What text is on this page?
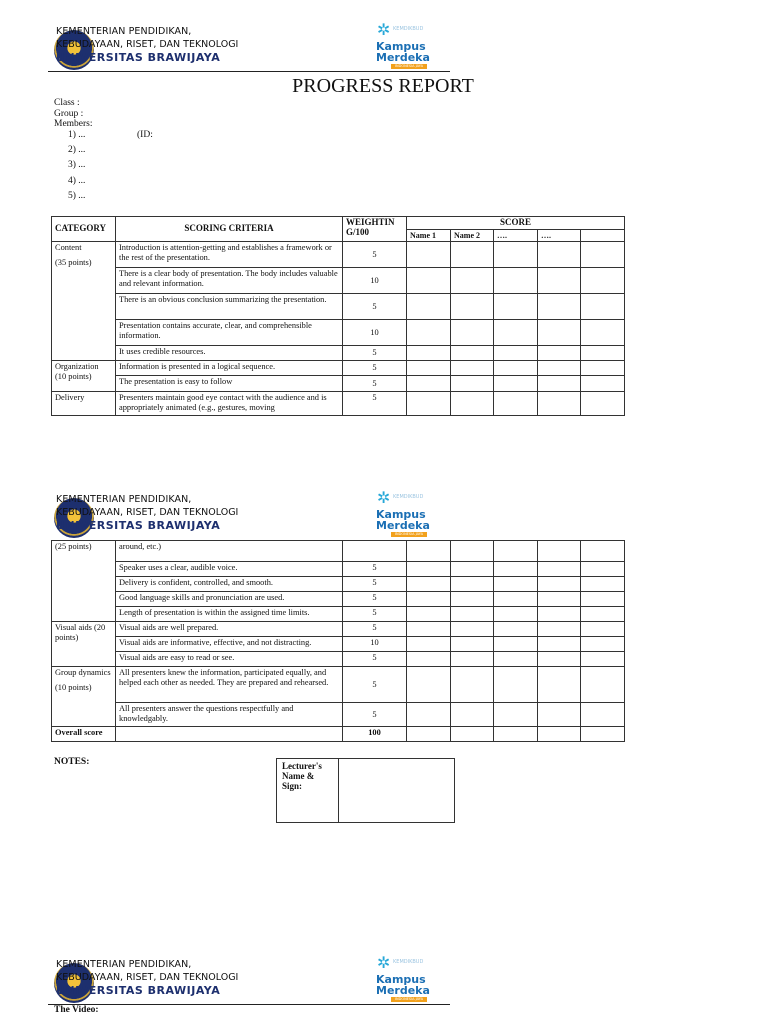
KEMENTERIAN PENDIDIKAN,
KEBUDAYAAN, RISET, DAN TEKNOLOGI
UNIVERSITAS BRAWIJAYA
✲ KEMDIKBUD
Kampus
Merdeka
INDONESIA JAYA
PROGRESS REPORT
Class :
Group :
Members:
1) ...	(ID:
2) ...
3) ...
4) ...
5) ...
CATEGORY	SCORING CRITERIA	WEIGHTIN G/100	SCORE				
			Name 1	Name 2	….	….	

Content

(35 points)	Introduction is attention-getting and establishes a framework or the rest of the presentation.	5					
	There is a clear body of presentation. The body includes valuable and relevant information.	10					
	There is an obvious conclusion summarizing the presentation.	5					
	Presentation contains accurate, clear, and comprehensible information.	10					
	It uses credible resources.	5					
Organization
(10 points)	Information is presented in a logical sequence.	5					
	The presentation is easy to follow	5					
Delivery	Presenters maintain good eye contact with the audience and is appropriately animated (e.g., gestures, moving	5					
KEMENTERIAN PENDIDIKAN,
KEBUDAYAAN, RISET, DAN TEKNOLOGI
UNIVERSITAS BRAWIJAYA
✲ KEMDIKBUD
Kampus
Merdeka
INDONESIA JAYA
(25 points)	around, etc.)						
	Speaker uses a clear, audible voice.	5					
	Delivery is confident, controlled, and smooth.	5					
	Good language skills and pronunciation are used.	5					
	Length of presentation is within the assigned time limits.	5					
Visual aids (20 points)	Visual aids are well prepared.	5					
	Visual aids are informative, effective, and not distracting.	10					
	Visual aids are easy to read or see.	5					

Group dynamics

(10 points)	All presenters knew the information, participated equally, and helped each other as needed. They are prepared and rehearsed.	5					
	All presenters answer the questions respectfully and knowledgably.	5					
Overall score		100					
NOTES:	Lecturer's Name & Sign:
KEMENTERIAN PENDIDIKAN,
KEBUDAYAAN, RISET, DAN TEKNOLOGI
UNIVERSITAS BRAWIJAYA
✲ KEMDIKBUD
Kampus
Merdeka
INDONESIA JAYA
The Video:
